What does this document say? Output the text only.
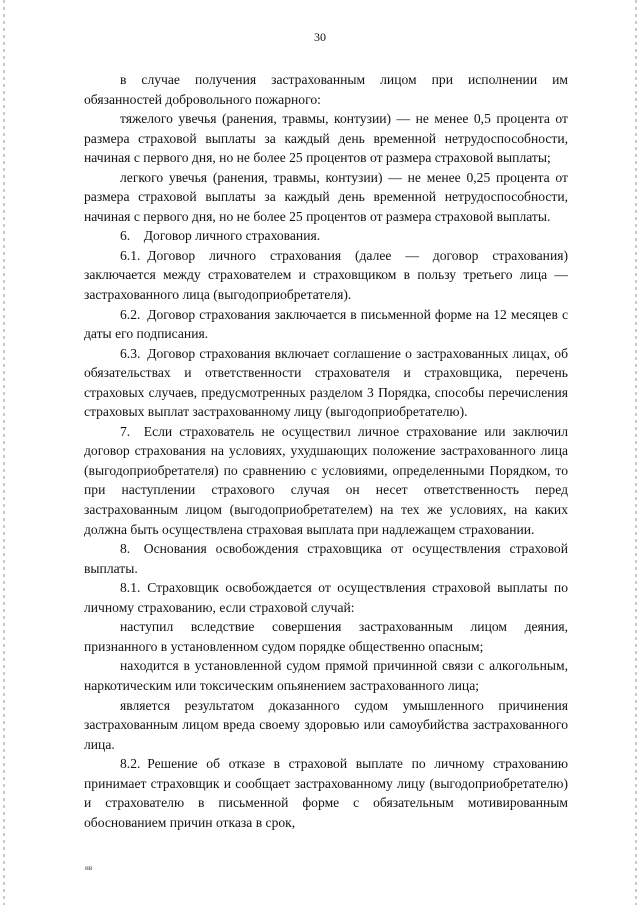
30

в случае получения застрахованным лицом при исполнении им обязанностей добровольного пожарного:

тяжелого увечья (ранения, травмы, контузии) — не менее 0,5 процента от размера страховой выплаты за каждый день временной нетрудоспособности, начиная с первого дня, но не более 25 процентов от размера страховой выплаты;

легкого увечья (ранения, травмы, контузии) — не менее 0,25 процента от размера страховой выплаты за каждый день временной нетрудоспособности, начиная с первого дня, но не более 25 процентов от размера страховой выплаты.

6. Договор личного страхования.

6.1. Договор личного страхования (далее — договор страхования) заключается между страхователем и страховщиком в пользу третьего лица — застрахованного лица (выгодоприобретателя).

6.2. Договор страхования заключается в письменной форме на 12 месяцев с даты его подписания.

6.3. Договор страхования включает соглашение о застрахованных лицах, об обязательствах и ответственности страхователя и страховщика, перечень страховых случаев, предусмотренных разделом 3 Порядка, способы перечисления страховых выплат застрахованному лицу (выгодоприобретателю).

7. Если страхователь не осуществил личное страхование или заключил договор страхования на условиях, ухудшающих положение застрахованного лица (выгодоприобретателя) по сравнению с условиями, определенными Порядком, то при наступлении страхового случая он несет ответственность перед застрахованным лицом (выгодоприобретателем) на тех же условиях, на каких должна быть осуществлена страховая выплата при надлежащем страховании.

8. Основания освобождения страховщика от осуществления страховой выплаты.

8.1. Страховщик освобождается от осуществления страховой выплаты по личному страхованию, если страховой случай:

наступил вследствие совершения застрахованным лицом деяния, признанного в установленном судом порядке общественно опасным;

находится в установленной судом прямой причинной связи с алкогольным, наркотическим или токсическим опьянением застрахованного лица;

является результатом доказанного судом умышленного причинения застрахованным лицом вреда своему здоровью или самоубийства застрахованного лица.

8.2. Решение об отказе в страховой выплате по личному страхованию принимает страховщик и сообщает застрахованному лицу (выгодоприобретателю) и страхователю в письменной форме с обязательным мотивированным обоснованием причин отказа в срок,

ив
